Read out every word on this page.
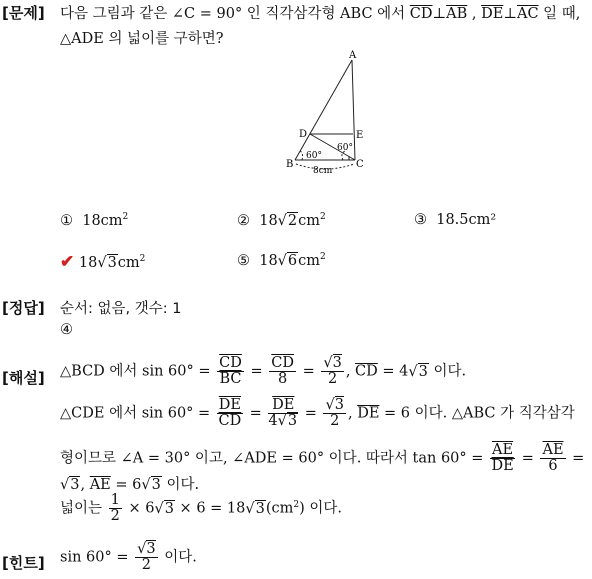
[문제] 다음 그림과 같은 ∠C = 90° 인 직각삼각형 ABC 에서 $\overline{CD}\perp\overline{AB}$ , $\overline{DE}\perp\overline{AC}$ 일 때,
△ADE 의 넓이를 구하면?
A
D	E
B	C
60°
60°
8cm
① $18cm^2$	② $18√2cm^2$	③ 18.5cm²
✔ $18√3cm^2$	⑤ $18√6cm^2$
[정답] 순서: 없음, 갯수: 1
④
[해설] △BCD 에서 $\sin 60^\circ = \frac{\overline{CD}}{BC} = \frac{\overline{CD}}{8} = \frac{√3}{2}$ , $\overline{CD} = 4√3$ 이다.
△CDE 에서 $\sin 60^\circ = \frac{\overline{DE}}{CD} = \frac{\overline{DE}}{4√3} = \frac{√3}{2}$ , $\overline{DE} = 6$ 이다. △ABC 가 직각삼각
형이므로 ∠A = 30° 이고, ∠ADE = 60° 이다. 따라서 $\tan 60^\circ = \frac{\overline{AE}}{DE} = \frac{\overline{AE}}{6}$ =
√3, $\overline{AE} = 6√3$ 이다.
넓이는 $\frac{1}{2} \times 6√3 \times 6 = 18√3(cm^2)$ 이다.
[힌트] $\sin 60^\circ = \frac{√3}{2}$ 이다.
